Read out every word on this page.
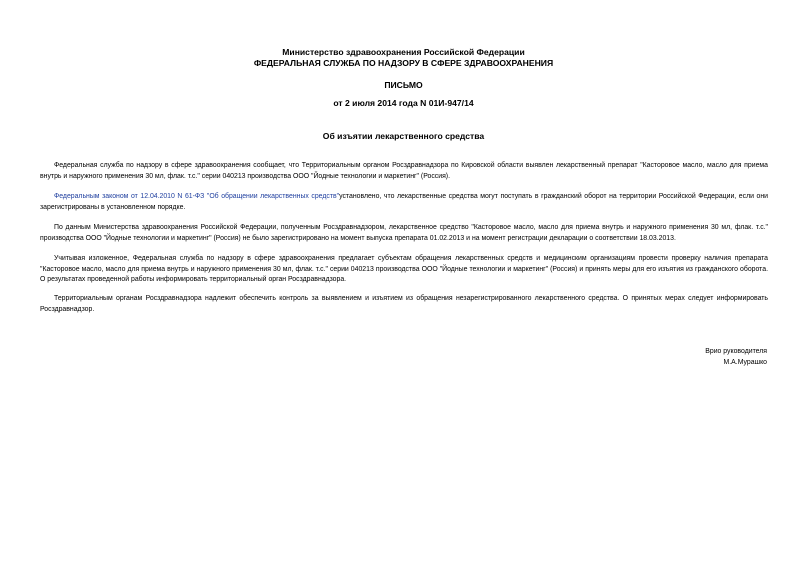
Министерство здравоохранения Российской Федерации
ФЕДЕРАЛЬНАЯ СЛУЖБА ПО НАДЗОРУ В СФЕРЕ ЗДРАВООХРАНЕНИЯ
ПИСЬМО
от 2 июля 2014 года N 01И-947/14
Об изъятии лекарственного средства

Федеральная служба по надзору в сфере здравоохранения сообщает, что Территориальным органом Росздравнадзора по Кировской области выявлен лекарственный препарат "Касторовое масло, масло для приема внутрь и наружного применения 30 мл, флак. т.с." серии 040213 производства ООО "Йодные технологии и маркетинг" (Россия).

Федеральным законом от 12.04.2010 N 61-ФЗ "Об обращении лекарственных средств"установлено, что лекарственные средства могут поступать в гражданский оборот на территории Российской Федерации, если они зарегистрированы в установленном порядке.

По данным Министерства здравоохранения Российской Федерации, полученным Росздравнадзором, лекарственное средство "Касторовое масло, масло для приема внутрь и наружного применения 30 мл, флак. т.с." производства ООО "Йодные технологии и маркетинг" (Россия) не было зарегистрировано на момент выпуска препарата 01.02.2013 и на момент регистрации декларации о соответствии 18.03.2013.

Учитывая изложенное, Федеральная служба по надзору в сфере здравоохранения предлагает субъектам обращения лекарственных средств и медицинским организациям провести проверку наличия препарата "Касторовое масло, масло для приема внутрь и наружного применения 30 мл, флак. т.с." серии 040213 производства ООО "Йодные технологии и маркетинг" (Россия) и принять меры для его изъятия из гражданского оборота. О результатах проведенной работы информировать территориальный орган Росздравнадзора.

Территориальным органам Росздравнадзора надлежит обеспечить контроль за выявлением и изъятием из обращения незарегистрированного лекарственного средства. О принятых мерах следует информировать Росздравнадзор.

Врио руководителя
М.А.Мурашко
